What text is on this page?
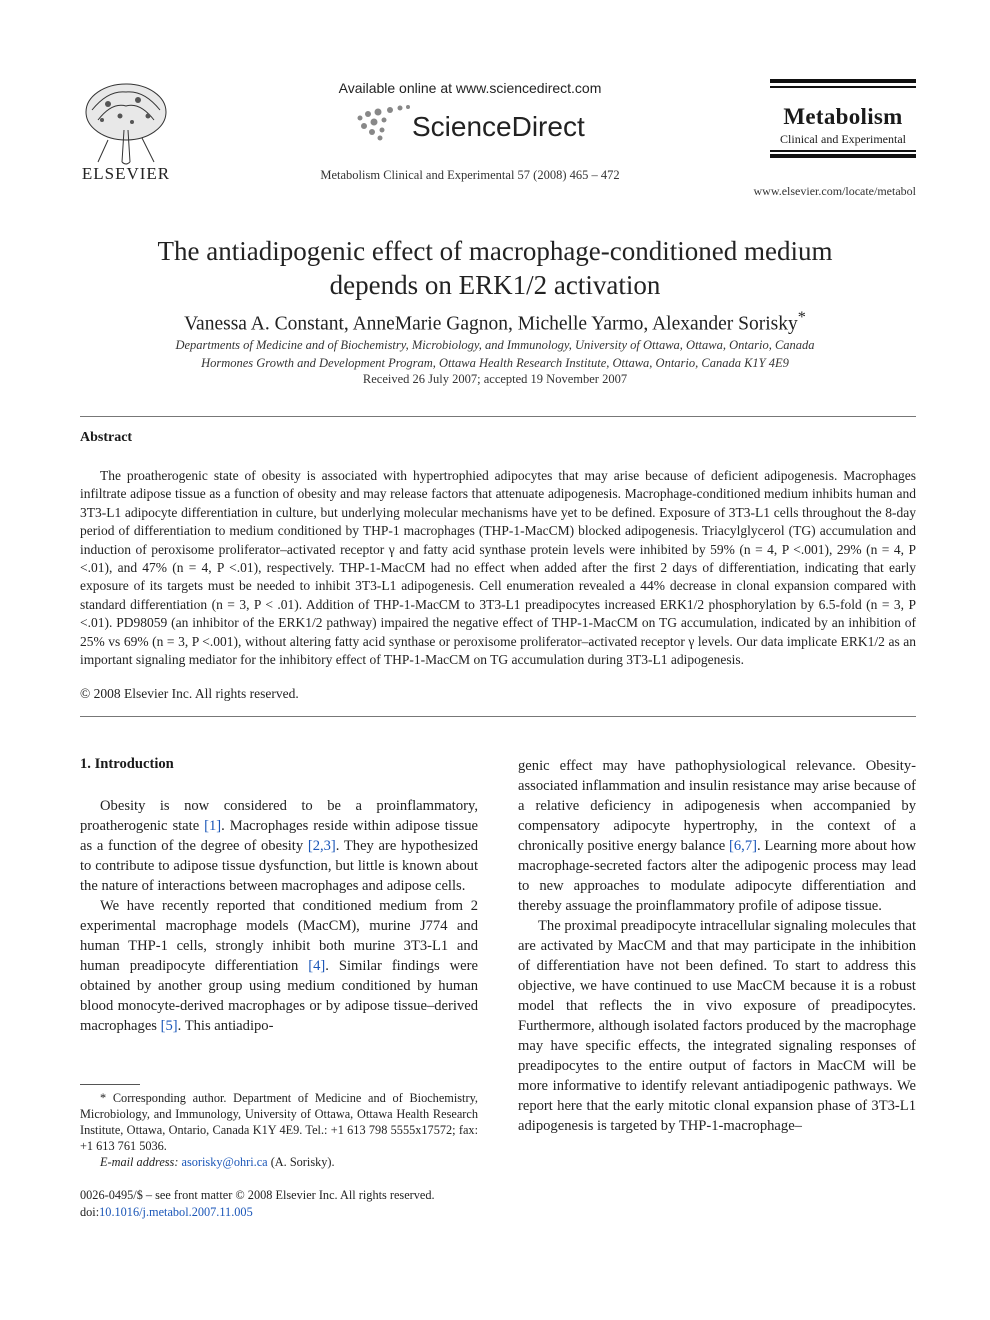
ELSEVIER
Available online at www.sciencedirect.com
ScienceDirect
Metabolism Clinical and Experimental 57 (2008) 465 – 472
Metabolism
Clinical and Experimental
www.elsevier.com/locate/metabol
The antiadipogenic effect of macrophage-conditioned medium
depends on ERK1/2 activation
Vanessa A. Constant, AnneMarie Gagnon, Michelle Yarmo, Alexander Sorisky*
Departments of Medicine and of Biochemistry, Microbiology, and Immunology, University of Ottawa, Ottawa, Ontario, Canada
Hormones Growth and Development Program, Ottawa Health Research Institute, Ottawa, Ontario, Canada K1Y 4E9
Received 26 July 2007; accepted 19 November 2007
Abstract

The proatherogenic state of obesity is associated with hypertrophied adipocytes that may arise because of deficient adipogenesis. Macrophages infiltrate adipose tissue as a function of obesity and may release factors that attenuate adipogenesis. Macrophage-conditioned medium inhibits human and 3T3-L1 adipocyte differentiation in culture, but underlying molecular mechanisms have yet to be defined. Exposure of 3T3-L1 cells throughout the 8-day period of differentiation to medium conditioned by THP-1 macrophages (THP-1-MacCM) blocked adipogenesis. Triacylglycerol (TG) accumulation and induction of peroxisome proliferator–activated receptor γ and fatty acid synthase protein levels were inhibited by 59% (n = 4, P <.001), 29% (n = 4, P <.01), and 47% (n = 4, P <.01), respectively. THP-1-MacCM had no effect when added after the first 2 days of differentiation, indicating that early exposure of its targets must be needed to inhibit 3T3-L1 adipogenesis. Cell enumeration revealed a 44% decrease in clonal expansion compared with standard differentiation (n = 3, P < .01). Addition of THP-1-MacCM to 3T3-L1 preadipocytes increased ERK1/2 phosphorylation by 6.5-fold (n = 3, P <.01). PD98059 (an inhibitor of the ERK1/2 pathway) impaired the negative effect of THP-1-MacCM on TG accumulation, indicated by an inhibition of 25% vs 69% (n = 3, P <.001), without altering fatty acid synthase or peroxisome proliferator–activated receptor γ levels. Our data implicate ERK1/2 as an important signaling mediator for the inhibitory effect of THP-1-MacCM on TG accumulation during 3T3-L1 adipogenesis.

© 2008 Elsevier Inc. All rights reserved.
1. Introduction

Obesity is now considered to be a proinflammatory, proatherogenic state [1]. Macrophages reside within adipose tissue as a function of the degree of obesity [2,3]. They are hypothesized to contribute to adipose tissue dysfunction, but little is known about the nature of interactions between macrophages and adipose cells.

We have recently reported that conditioned medium from 2 experimental macrophage models (MacCM), murine J774 and human THP-1 cells, strongly inhibit both murine 3T3-L1 and human preadipocyte differentiation [4]. Similar findings were obtained by another group using medium conditioned by human blood monocyte-derived macrophages or by adipose tissue–derived macrophages [5]. This antiadipo-

genic effect may have pathophysiological relevance. Obesity-associated inflammation and insulin resistance may arise because of a relative deficiency in adipogenesis when accompanied by compensatory adipocyte hypertrophy, in the context of a chronically positive energy balance [6,7]. Learning more about how macrophage-secreted factors alter the adipogenic process may lead to new approaches to modulate adipocyte differentiation and thereby assuage the proinflammatory profile of adipose tissue.

The proximal preadipocyte intracellular signaling molecules that are activated by MacCM and that may participate in the inhibition of differentiation have not been defined. To start to address this objective, we have continued to use MacCM because it is a robust model that reflects the in vivo exposure of preadipocytes. Furthermore, although isolated factors produced by the macrophage may have specific effects, the integrated signaling responses of preadipocytes to the entire output of factors in MacCM will be more informative to identify relevant antiadipogenic pathways. We report here that the early mitotic clonal expansion phase of 3T3-L1 adipogenesis is targeted by THP-1-macrophage–

* Corresponding author. Department of Medicine and of Biochemistry, Microbiology, and Immunology, University of Ottawa, Ottawa Health Research Institute, Ottawa, Ontario, Canada K1Y 4E9. Tel.: +1 613 798 5555x17572; fax: +1 613 761 5036.

E-mail address: asorisky@ohri.ca (A. Sorisky).

0026-0495/$ – see front matter © 2008 Elsevier Inc. All rights reserved.
doi:10.1016/j.metabol.2007.11.005
